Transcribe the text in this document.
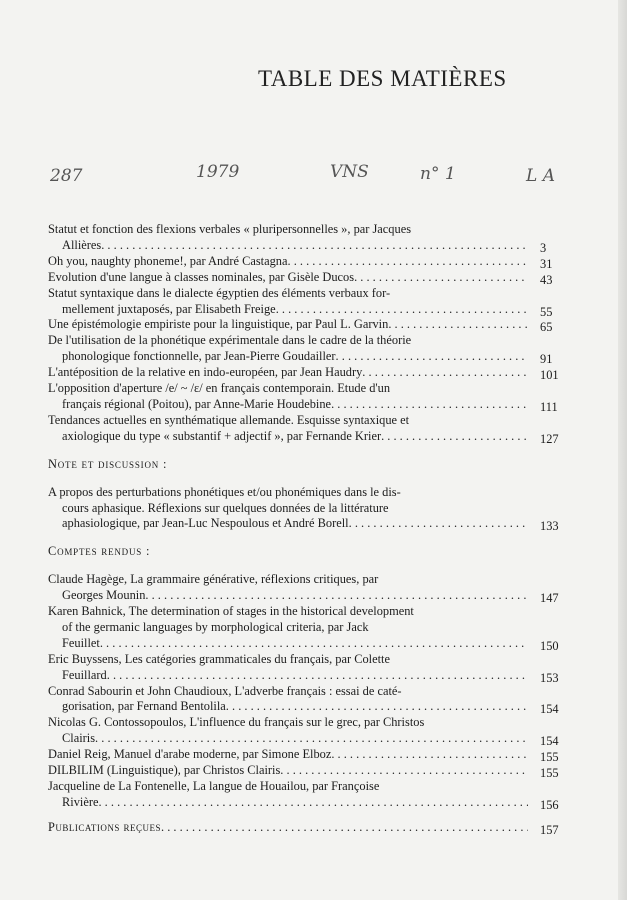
TABLE DES MATIÈRES
287	1979	VNS	n° 1	L A
Statut et fonction des flexions verbales « pluripersonnelles », par Jacques
Allières . . .	3
Oh you, naughty phoneme!, par André Castagna . . .	31
Evolution d'une langue à classes nominales, par Gisèle Ducos . . .	43
Statut syntaxique dans le dialecte égyptien des éléments verbaux for-
mellement juxtaposés, par Elisabeth Freige . . .	55
Une épistémologie empiriste pour la linguistique, par Paul L. Garvin . . .	65
De l'utilisation de la phonétique expérimentale dans le cadre de la théorie
phonologique fonctionnelle, par Jean-Pierre Goudailler . . .	91
L'antéposition de la relative en indo-européen, par Jean Haudry . . .	101
L'opposition d'aperture /e/ ~ /ε/ en français contemporain. Etude d'un
français régional (Poitou), par Anne-Marie Houdebine . . .	111
Tendances actuelles en synthématique allemande. Esquisse syntaxique et
axiologique du type « substantif + adjectif », par Fernande Krier . . .	127
Note et discussion :
A propos des perturbations phonétiques et/ou phonémiques dans le dis-
cours aphasique. Réflexions sur quelques données de la littérature
aphasiologique, par Jean-Luc Nespoulous et André Borell . . .	133
Comptes rendus :
Claude Hagège, La grammaire générative, réflexions critiques, par
Georges Mounin . . .	147
Karen Bahnick, The determination of stages in the historical development
of the germanic languages by morphological criteria, par Jack
Feuillet . . .	150
Eric Buyssens, Les catégories grammaticales du français, par Colette
Feuillard . . .	153
Conrad Sabourin et John Chaudioux, L'adverbe français : essai de caté-
gorisation, par Fernand Bentolila . . .	154
Nicolas G. Contossopoulos, L'influence du français sur le grec, par Christos
Clairis . . .	154
Daniel Reig, Manuel d'arabe moderne, par Simone Elboz . . .	155
DILBILIM (Linguistique), par Christos Clairis . . .	155
Jacqueline de La Fontenelle, La langue de Houailou, par Françoise
Rivière . . .	156
Publications reçues . . .	157
